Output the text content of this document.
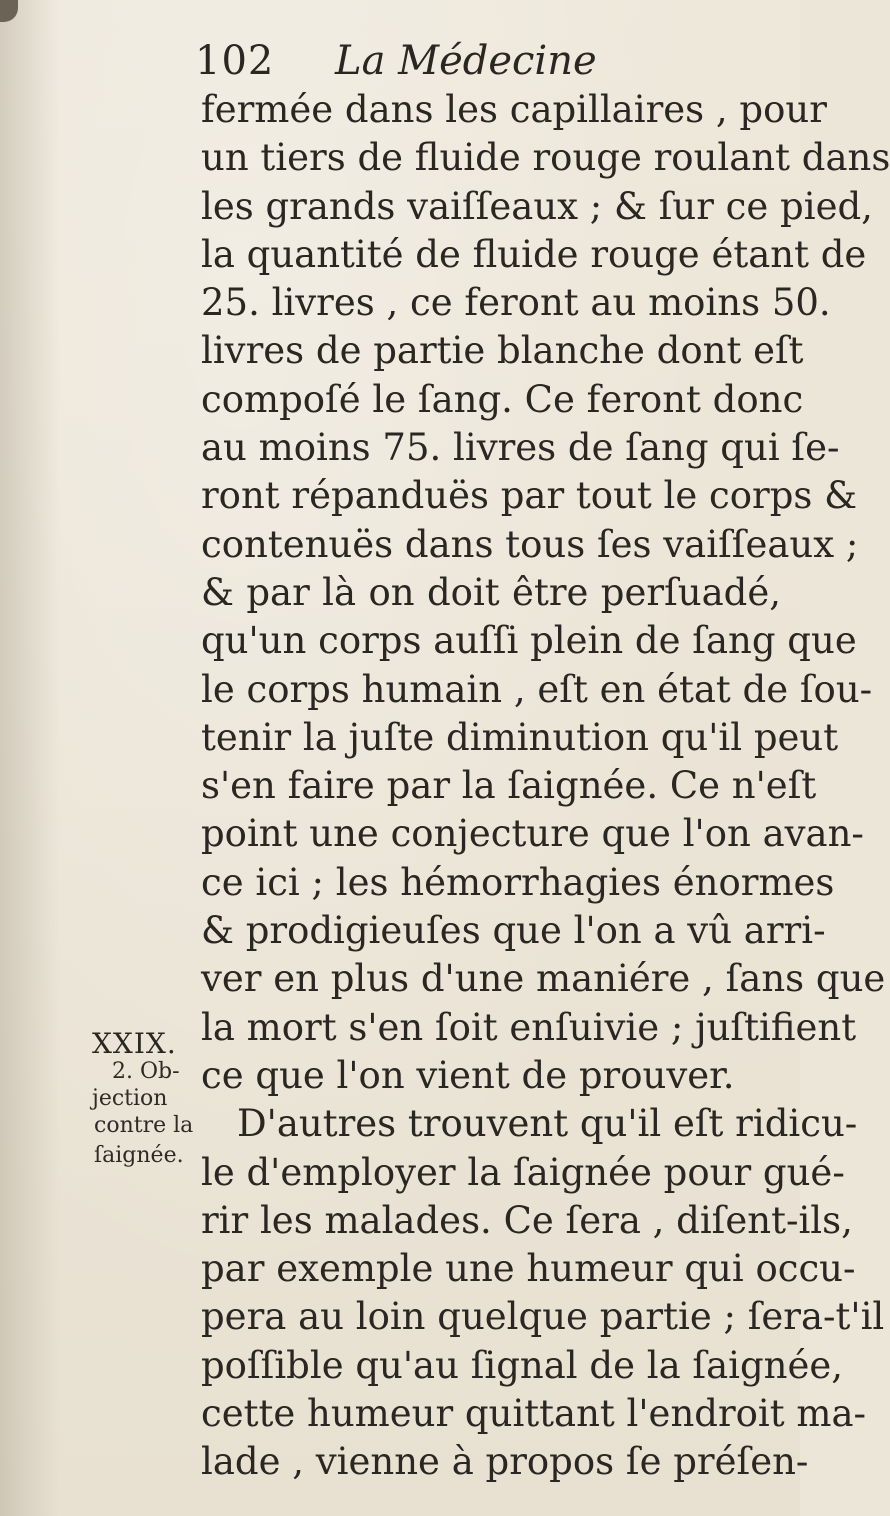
102 La Médecine
fermée dans les capillaires , pour
un tiers de fluide rouge roulant dans
les grands vaiſſeaux ; & ſur ce pied,
la quantité de fluide rouge étant de
25. livres , ce feront au moins 50.
livres de partie blanche dont eſt
compoſé le ſang. Ce feront donc
au moins 75. livres de ſang qui ſe-
ront répanduës par tout le corps &
contenuës dans tous ſes vaiſſeaux ;
& par là on doit être perſuadé,
qu'un corps auſſi plein de ſang que
le corps humain , eſt en état de ſou-
tenir la juſte diminution qu'il peut
s'en faire par la ſaignée. Ce n'eſt
point une conjecture que l'on avan-
ce ici ; les hémorrhagies énormes
& prodigieuſes que l'on a vû arri-
ver en plus d'une maniére , ſans que
la mort s'en ſoit enſuivie ; juſtifient
ce que l'on vient de prouver.
D'autres trouvent qu'il eſt ridicu-
le d'employer la ſaignée pour gué-
rir les malades. Ce ſera , diſent-ils,
par exemple une humeur qui occu-
pera au loin quelque partie ; ſera-t'il
poſſible qu'au ſignal de la ſaignée,
cette humeur quittant l'endroit ma-
lade , vienne à propos ſe préſen-
XXIX.
2. Ob-
jection
contre la
ſaignée.
